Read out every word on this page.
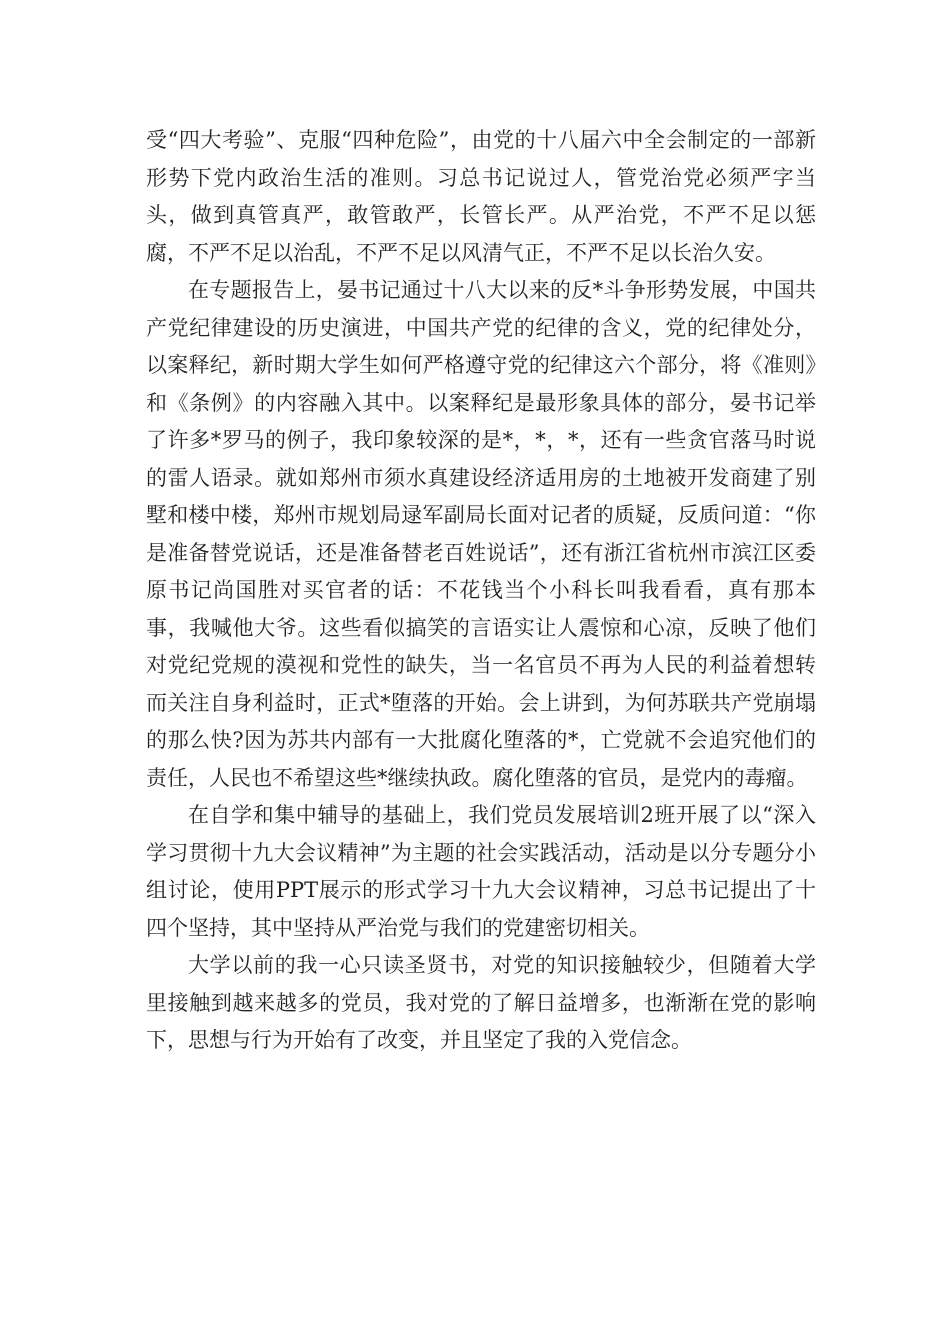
受“四大考验”、克服“四种危险”，由党的十八届六中全会制定的一部新形势下党内政治生活的准则。习总书记说过人，管党治党必须严字当头，做到真管真严，敢管敢严，长管长严。从严治党，不严不足以惩腐，不严不足以治乱，不严不足以风清气正，不严不足以长治久安。

在专题报告上，晏书记通过十八大以来的反*斗争形势发展，中国共产党纪律建设的历史演进，中国共产党的纪律的含义，党的纪律处分，以案释纪，新时期大学生如何严格遵守党的纪律这六个部分，将《准则》和《条例》的内容融入其中。以案释纪是最形象具体的部分，晏书记举了许多*罗马的例子，我印象较深的是*，*，*，还有一些贪官落马时说的雷人语录。就如郑州市须水真建设经济适用房的土地被开发商建了别墅和楼中楼，郑州市规划局逯军副局长面对记者的质疑，反质问道：“你是准备替党说话，还是准备替老百姓说话”，还有浙江省杭州市滨江区委原书记尚国胜对买官者的话：不花钱当个小科长叫我看看，真有那本事，我喊他大爷。这些看似搞笑的言语实让人震惊和心凉，反映了他们对党纪党规的漠视和党性的缺失，当一名官员不再为人民的利益着想转而关注自身利益时，正式*堕落的开始。会上讲到，为何苏联共产党崩塌的那么快?因为苏共内部有一大批腐化堕落的*，亡党就不会追究他们的责任，人民也不希望这些*继续执政。腐化堕落的官员，是党内的毒瘤。

在自学和集中辅导的基础上，我们党员发展培训2班开展了以“深入学习贯彻十九大会议精神”为主题的社会实践活动，活动是以分专题分小组讨论，使用PPT展示的形式学习十九大会议精神，习总书记提出了十四个坚持，其中坚持从严治党与我们的党建密切相关。

大学以前的我一心只读圣贤书，对党的知识接触较少，但随着大学里接触到越来越多的党员，我对党的了解日益增多，也渐渐在党的影响下，思想与行为开始有了改变，并且坚定了我的入党信念。
